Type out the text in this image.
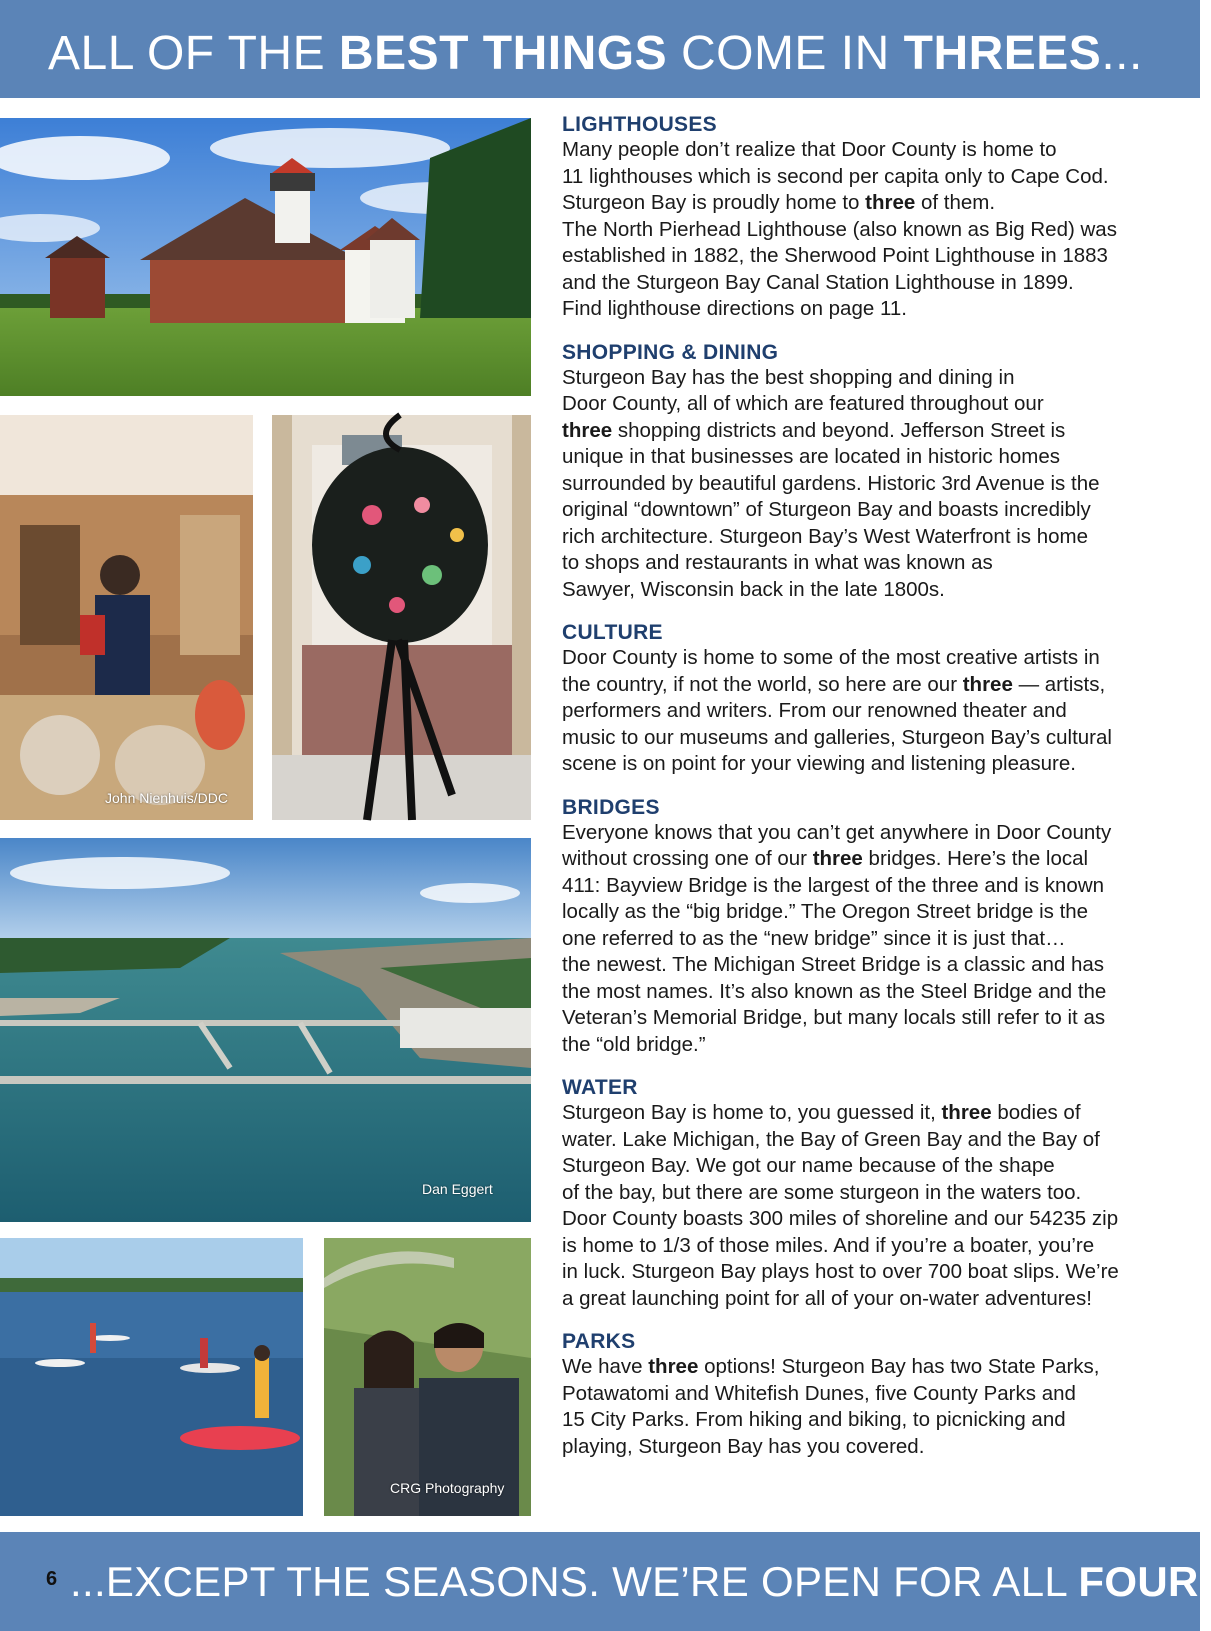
ALL OF THE BEST THINGS COME IN THREES...
John Nienhuis/DDC
Dan Eggert
CRG Photography
LIGHTHOUSES

Many people don’t realize that Door County is home to
11 lighthouses which is second per capita only to Cape Cod.
Sturgeon Bay is proudly home to three of them.
The North Pierhead Lighthouse (also known as Big Red) was
established in 1882, the Sherwood Point Lighthouse in 1883
and the Sturgeon Bay Canal Station Lighthouse in 1899.
Find lighthouse directions on page 11.

SHOPPING & DINING

Sturgeon Bay has the best shopping and dining in
Door County, all of which are featured throughout our
three shopping districts and beyond. Jefferson Street is
unique in that businesses are located in historic homes
surrounded by beautiful gardens. Historic 3rd Avenue is the
original “downtown” of Sturgeon Bay and boasts incredibly
rich architecture. Sturgeon Bay’s West Waterfront is home
to shops and restaurants in what was known as
Sawyer, Wisconsin back in the late 1800s.

CULTURE

Door County is home to some of the most creative artists in
the country, if not the world, so here are our three — artists,
performers and writers. From our renowned theater and
music to our museums and galleries, Sturgeon Bay’s cultural
scene is on point for your viewing and listening pleasure.

BRIDGES

Everyone knows that you can’t get anywhere in Door County
without crossing one of our three bridges. Here’s the local
411: Bayview Bridge is the largest of the three and is known
locally as the “big bridge.” The Oregon Street bridge is the
one referred to as the “new bridge” since it is just that…
the newest. The Michigan Street Bridge is a classic and has
the most names. It’s also known as the Steel Bridge and the
Veteran’s Memorial Bridge, but many locals still refer to it as
the “old bridge.”

WATER

Sturgeon Bay is home to, you guessed it, three bodies of
water. Lake Michigan, the Bay of Green Bay and the Bay of
Sturgeon Bay. We got our name because of the shape
of the bay, but there are some sturgeon in the waters too.
Door County boasts 300 miles of shoreline and our 54235 zip
is home to 1/3 of those miles. And if you’re a boater, you’re
in luck. Sturgeon Bay plays host to over 700 boat slips. We’re
a great launching point for all of your on-water adventures!

PARKS

We have three options! Sturgeon Bay has two State Parks,
Potawatomi and Whitefish Dunes, five County Parks and
15 City Parks. From hiking and biking, to picnicking and
playing, Sturgeon Bay has you covered.

6 ...EXCEPT THE SEASONS. WE’RE OPEN FOR ALL FOUR.
